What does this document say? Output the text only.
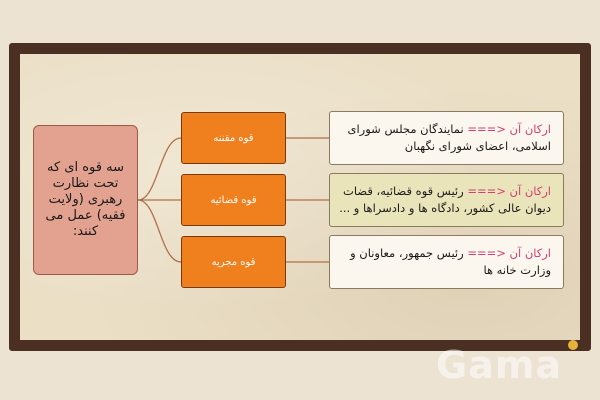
سه قوه ای که تحت نظارت رهبری (ولایت فقیه) عمل می کنند:
قوه مقننه
قوه قضائیه
قوه مجریه
ارکان آن <=== نمایندگان مجلس شورای اسلامی، اعضای شورای نگهبان
ارکان آن <=== رئیس قوه قضائیه، قضات دیوان عالی کشور، دادگاه ها و دادسراها و ...
ارکان آن <=== رئیس جمهور، معاونان و وزارت خانه ها
Gama
